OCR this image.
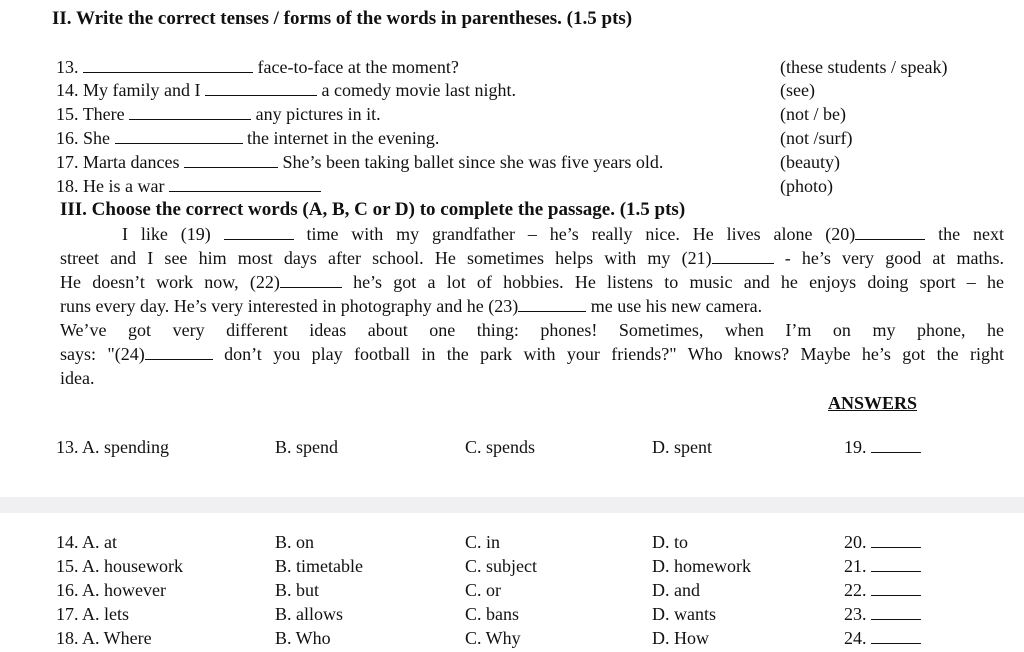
II. Write the correct tenses / forms of the words in parentheses. (1.5 pts)
13.	face-to-face at the moment?	(these students / speak)
14. My family and I	a comedy movie last night.	(see)
15. There	any pictures in it.	(not / be)
16. She	the internet in the evening.	(not /surf)
17. Marta dances	She’s been taking ballet since she was five years old.	(beauty)
18. He is a war	(photo)
III. Choose the correct words (A, B, C or D) to complete the passage. (1.5 pts)
I like (19)	time with my grandfather – he’s really nice. He lives alone (20)	the next
street and I see him most days after school. He sometimes helps with my (21)	- he’s very good at maths.
He doesn’t work now, (22)	he’s got a lot of hobbies. He listens to music and he enjoys doing sport – he
runs every day. He’s very interested in photography and he (23)	me use his new camera.
We’ve got very different ideas about one thing: phones! Sometimes, when I’m on my phone, he
says: "(24)	don’t you play football in the park with your friends?" Who knows? Maybe he’s got the right
idea.
ANSWERS
13. A. spending	B. spend	C. spends	D. spent	19.
14. A. at	B. on	C. in	D. to	20.
15. A. housework	B. timetable	C. subject	D. homework	21.
16. A. however	B. but	C. or	D. and	22.
17. A. lets	B. allows	C. bans	D. wants	23.
18. A. Where	B. Who	C. Why	D. How	24.
